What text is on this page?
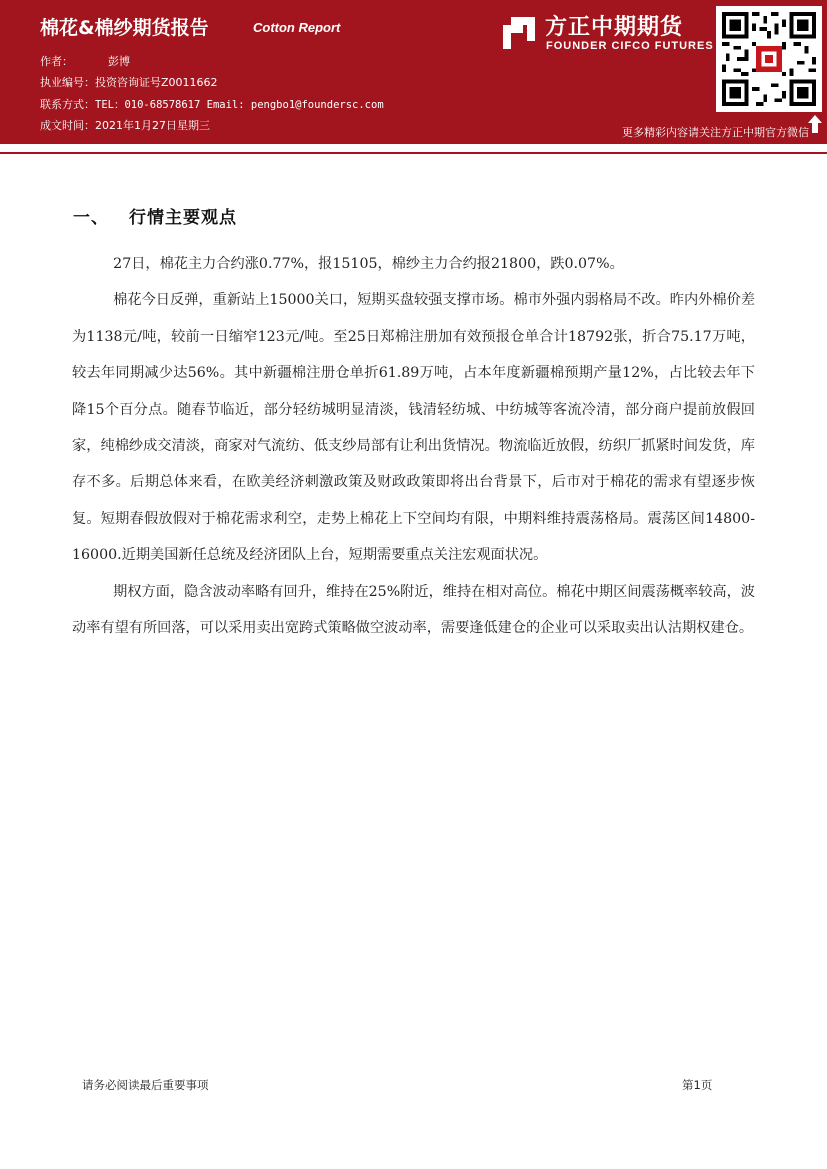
棉花&棉纱期货报告	Cotton Report
作者：	彭博
执业编号：投资咨询证号Z0011662
联系方式：TEL：010-68578617 Email: pengbo1@foundersc.com
成文时间：2021年1月27日星期三
方正中期期货
FOUNDER CIFCO FUTURES
更多精彩内容请关注方正中期官方微信
一、 行情主要观点

27日，棉花主力合约涨0.77%，报15105，棉纱主力合约报21800，跌0.07%。

棉花今日反弹，重新站上15000关口，短期买盘较强支撑市场。棉市外强内弱格局不改。昨内外棉价差为1138元/吨，较前一日缩窄123元/吨。至25日郑棉注册加有效预报仓单合计18792张，折合75.17万吨，较去年同期减少达56%。其中新疆棉注册仓单折61.89万吨，占本年度新疆棉预期产量12%，占比较去年下降15个百分点。随春节临近，部分轻纺城明显清淡，钱清轻纺城、中纺城等客流冷清，部分商户提前放假回家，纯棉纱成交清淡，商家对气流纺、低支纱局部有让利出货情况。物流临近放假，纺织厂抓紧时间发货，库存不多。后期总体来看，在欧美经济刺激政策及财政政策即将出台背景下，后市对于棉花的需求有望逐步恢复。短期春假放假对于棉花需求利空，走势上棉花上下空间均有限，中期料维持震荡格局。震荡区间14800-16000.近期美国新任总统及经济团队上台，短期需要重点关注宏观面状况。

期权方面，隐含波动率略有回升，维持在25%附近，维持在相对高位。棉花中期区间震荡概率较高，波动率有望有所回落，可以采用卖出宽跨式策略做空波动率，需要逢低建仓的企业可以采取卖出认沽期权建仓。

请务必阅读最后重要事项	第1页
